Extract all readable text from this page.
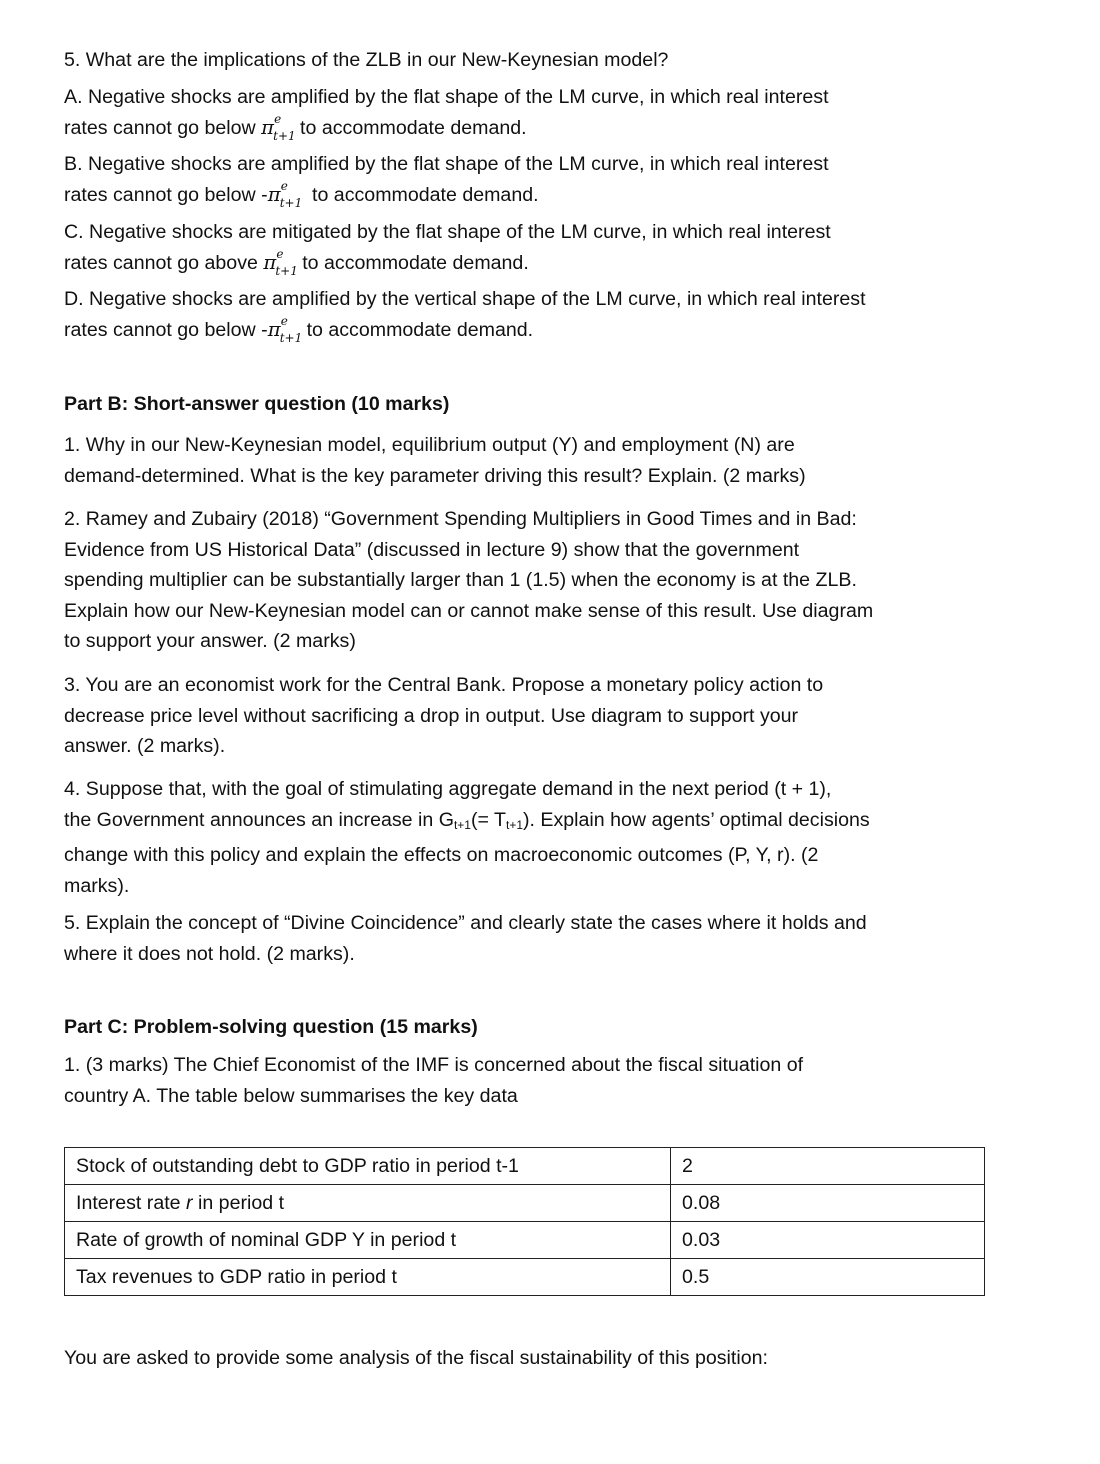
5. What are the implications of the ZLB in our New-Keynesian model?
A. Negative shocks are amplified by the flat shape of the LM curve, in which real interest
rates cannot go below π e
t+1 to accommodate demand.
B. Negative shocks are amplified by the flat shape of the LM curve, in which real interest
rates cannot go below -π e
t+1 to accommodate demand.
C. Negative shocks are mitigated by the flat shape of the LM curve, in which real interest
rates cannot go above π e
t+1 to accommodate demand.
D. Negative shocks are amplified by the vertical shape of the LM curve, in which real interest
rates cannot go below -π e
t+1 to accommodate demand.
Part B: Short-answer question (10 marks)
1. Why in our New-Keynesian model, equilibrium output (Y) and employment (N) are
demand-determined. What is the key parameter driving this result? Explain. (2 marks)
2. Ramey and Zubairy (2018) “Government Spending Multipliers in Good Times and in Bad:
Evidence from US Historical Data” (discussed in lecture 9) show that the government
spending multiplier can be substantially larger than 1 (1.5) when the economy is at the ZLB.
Explain how our New-Keynesian model can or cannot make sense of this result. Use diagram
to support your answer. (2 marks)
3. You are an economist work for the Central Bank. Propose a monetary policy action to
decrease price level without sacrificing a drop in output. Use diagram to support your
answer. (2 marks).
4. Suppose that, with the goal of stimulating aggregate demand in the next period (t + 1),
the Government announces an increase in Gt+1(= Tt+1). Explain how agents’ optimal decisions
change with this policy and explain the effects on macroeconomic outcomes (P, Y, r). (2
marks).
5. Explain the concept of “Divine Coincidence” and clearly state the cases where it holds and
where it does not hold. (2 marks).
Part C: Problem-solving question (15 marks)
1. (3 marks) The Chief Economist of the IMF is concerned about the fiscal situation of
country A. The table below summarises the key data
Stock of outstanding debt to GDP ratio in period t-1	2
Interest rate r in period t	0.08
Rate of growth of nominal GDP Y in period t	0.03
Tax revenues to GDP ratio in period t	0.5
You are asked to provide some analysis of the fiscal sustainability of this position:
